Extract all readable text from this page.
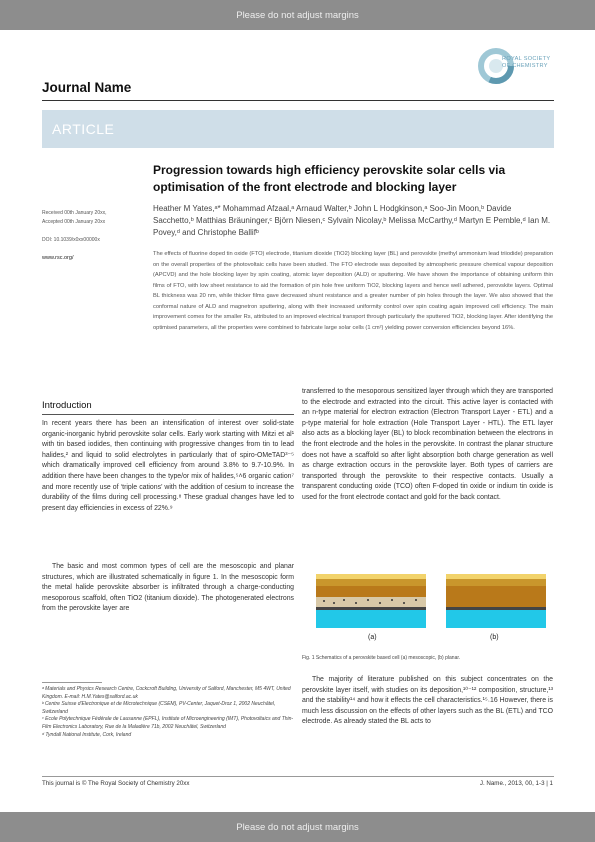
Please do not adjust margins
Journal Name
ROYAL SOCIETY
OF CHEMISTRY
ARTICLE
Progression towards high efficiency perovskite solar cells via optimisation of the front electrode and blocking layer
Received 00th January 20xx,
Accepted 00th January 20xx
DOI: 10.1039/x0xx00000x
www.rsc.org/
Heather M Yates,ᵃ* Mohammad Afzaal,ᵃ Arnaud Walter,ᵇ John L Hodgkinson,ᵃ Soo-Jin Moon,ᵇ Davide Sacchetto,ᵇ Matthias Bräuninger,ᶜ Björn Niesen,ᶜ Sylvain Nicolay,ᵇ Melissa McCarthy,ᵈ Martyn E Pemble,ᵈ Ian M. Povey,ᵈ and Christophe Ballifᵇ
The effects of fluorine doped tin oxide (FTO) electrode, titanium dioxide (TiO2) blocking layer (BL) and perovskite (methyl ammonium lead triiodide) preparation on the overall properties of the photovoltaic cells have been studied. The FTO electrode was deposited by atmospheric pressure chemical vapour deposition (APCVD) and the hole blocking layer by spin coating, atomic layer deposition (ALD) or sputtering. We have shown the importance of obtaining uniform thin films of FTO, with low sheet resistance to aid the formation of pin hole free uniform TiO2, blocking layers and hence well adhered, perovskite layers. Optimal BL thickness was 20 nm, while thicker films gave decreased shunt resistance and a greater number of pin holes through the layer. We also showed that the conformal nature of ALD and magnetron sputtering, along with their increased uniformity control over spin coating again improved cell efficiency. The main improvement comes for the smaller Rs, attributed to an improved electrical transport through particularly the sputtered TiO2, blocking layer. After identifying the optimised parameters, all the properties were combined to fabricate large solar cells (1 cm²) yielding power conversion efficiencies beyond 16%.
Introduction
In recent years there has been an intensification of interest over solid-state organic-inorganic hybrid perovskite solar cells. Early work starting with Mitzi et al¹ with tin based iodides, then continuing with progressive changes from tin to lead halides,² and liquid to solid electrolytes in particularly that of spiro-OMeTAD³⁻⁵ which dramatically improved cell efficiency from around 3.8% to 9.7-10.9%. In addition there have been changes to the type/or mix of halides,⁵˄6 organic cation⁷ and more recently use of ‘triple cations’ with the addition of cesium to increase the durability of the films during cell processing.⁸ These gradual changes have led to present day efficiencies in excess of 22%.⁹
The basic and most common types of cell are the mesoscopic and planar structures, which are illustrated schematically in figure 1. In the mesoscopic form the metal halide perovskite absorber is infiltrated through a charge-conducting mesoporous scaffold, often TiO2 (titanium dioxide). The photogenerated electrons from the perovskite layer are
transferred to the mesoporous sensitized layer through which they are transported to the electrode and extracted into the circuit. This active layer is contacted with an n-type material for electron extraction (Electron Transport Layer - ETL) and a p-type material for hole extraction (Hole Transport Layer - HTL). The ETL layer also acts as a blocking layer (BL) to block recombination between the electrons in the front electrode and the holes in the perovskite. In contrast the planar structure does not have a scaffold so after light absorption both charge generation as well as charge extraction occurs in the perovskite layer. Both types of carriers are transported through the perovskite to their respective contacts. Usually a transparent conducting oxide (TCO) often F-doped tin oxide or indium tin oxide is used for the front electrode contact and gold for the back contact.
(a)	(b)
Fig. 1 Schematics of a perovskite based cell (a) mesoscopic, (b) planar.
The majority of literature published on this subject concentrates on the perovskite layer itself, with studies on its deposition,¹⁰⁻¹² composition, structure,¹³ and the stability¹⁴ and how it effects the cell characteristics.¹⁵˒16 However, there is much less discussion on the effects of other layers such as the BL (ETL) and TCO electrode. As already stated the BL acts to
ᵃ Materials and Physics Research Centre, Cockcroft Building, University of Salford, Manchester, M5 4WT, United Kingdom. E-mail: H.M.Yates@salford.ac.uk
ᵇ Centre Suisse d'Electronique et de Microtechnique (CSEM), PV-Center, Jaquet-Droz 1, 2002 Neuchâtel, Switzerland
ᶜ Ecole Polytechnique Fédérale de Lausanne (EPFL), Institute of Microengineering (IMT), Photovoltaics and Thin-Film Electronics Laboratory, Rue de la Maladière 71b, 2002 Neuchâtel, Switzerland
ᵈ Tyndall National Institute, Cork, Ireland
This journal is © The Royal Society of Chemistry 20xx	J. Name., 2013, 00, 1-3 | 1
Please do not adjust margins
